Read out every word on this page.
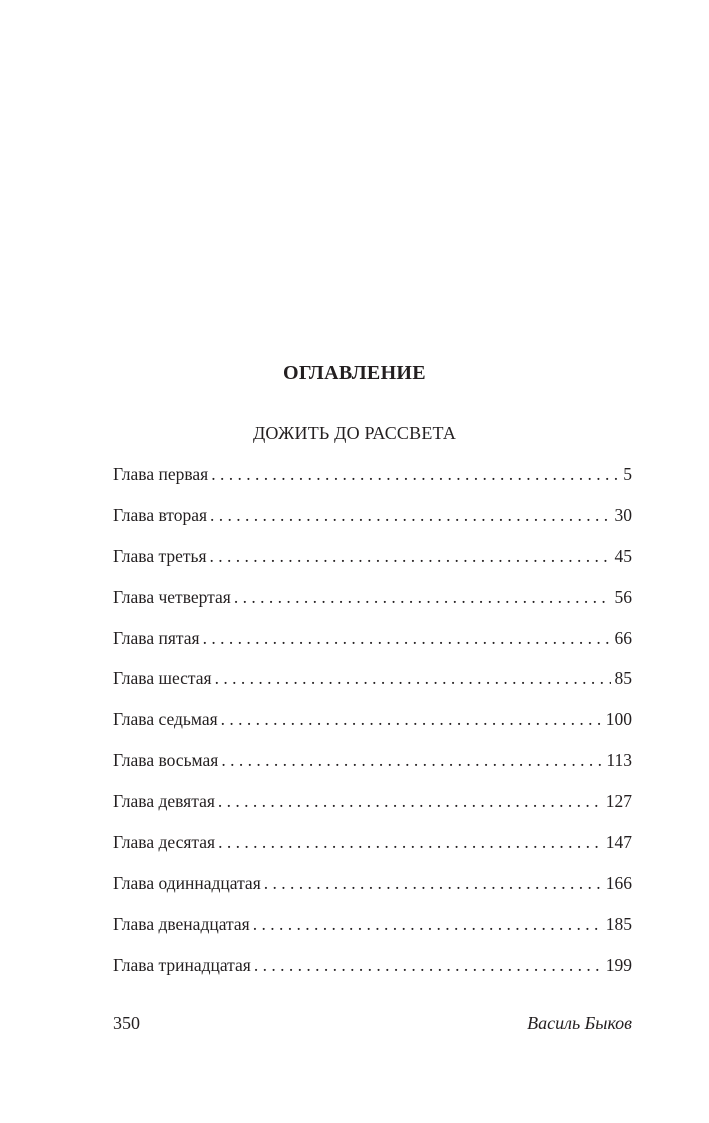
ОГЛАВЛЕНИЕ
ДОЖИТЬ ДО РАССВЕТА
Глава первая . . .	5
Глава вторая . . .	30
Глава третья . . .	45
Глава четвертая . . .	56
Глава пятая . . .	66
Глава шестая . . .	85
Глава седьмая . . .	100
Глава восьмая . . .	113
Глава девятая . . .	127
Глава десятая . . .	147
Глава одиннадцатая . . .	166
Глава двенадцатая . . .	185
Глава тринадцатая . . .	199
350	Василь Быков
